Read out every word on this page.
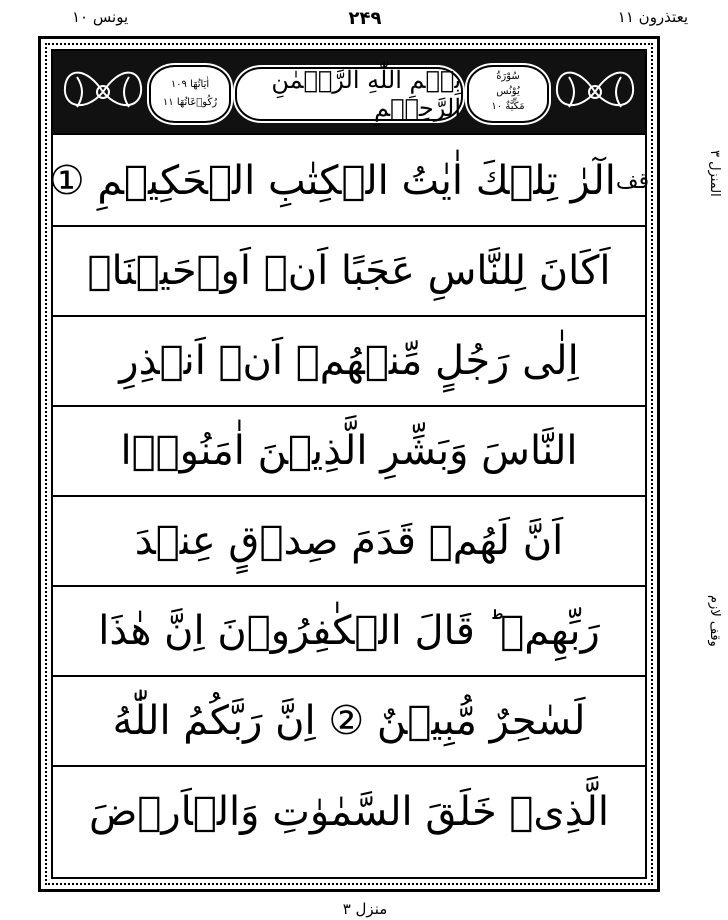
یونس ۱۰	۲۴۹	یعتذرون ۱۱
اٰيَاتُهَا ۱۰۹
رُكُوۡعَاتُهَا ۱۱
بِسۡمِ اللّٰهِ الرَّحۡمٰنِ الرَّحِيۡمِ
سُوْرَةُ
يُوْنُس
مَكِّيَّةٌ ۱۰
الٓرٰ تِلۡكَ اٰيٰتُ الۡكِتٰبِ الۡحَكِيۡمِ ① قف
اَكَانَ لِلنَّاسِ عَجَبًا اَنۡ اَوۡحَيۡنَاۤ
اِلٰى رَجُلٍ مِّنۡهُمۡ اَنۡ اَنۡذِرِ
النَّاسَ وَبَشِّرِ الَّذِيۡنَ اٰمَنُوۡۤا
اَنَّ لَهُمۡ قَدَمَ صِدۡقٍ عِنۡدَ
رَبِّهِمۡ ؕ قَالَ الۡكٰفِرُوۡنَ اِنَّ هٰذَا
لَسٰحِرٌ مُّبِيۡنٌ ② اِنَّ رَبَّكُمُ اللّٰهُ
الَّذِىۡ خَلَقَ السَّمٰوٰتِ وَالۡاَرۡضَ
المنزل ۳
وقف لازم
منزل ۳
